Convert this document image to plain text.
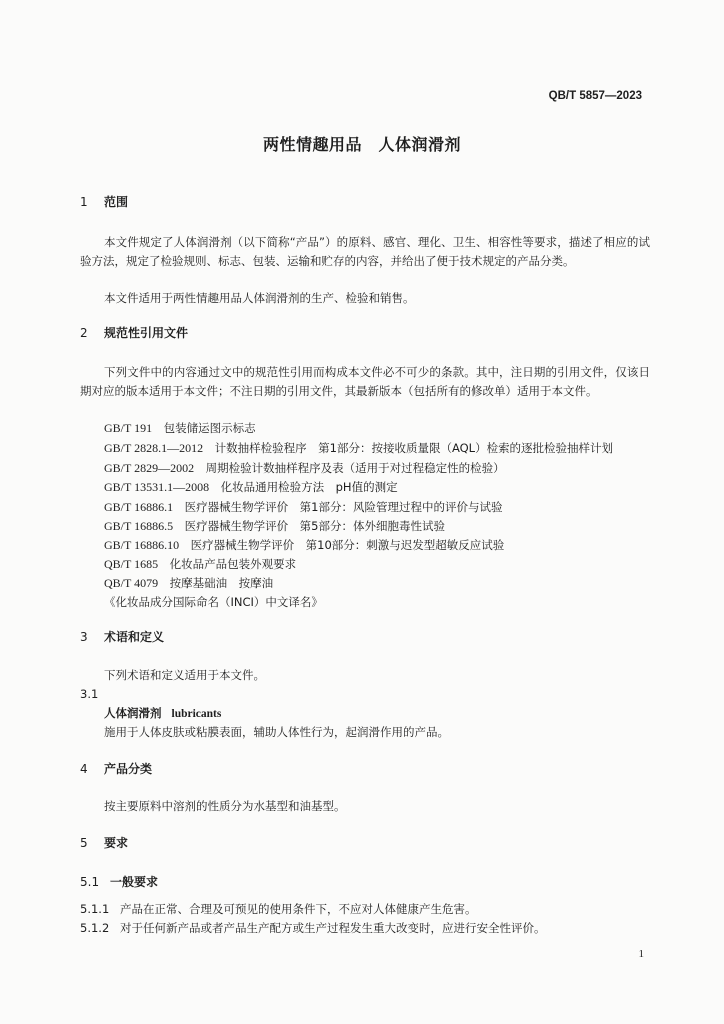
QB/T 5857—2023
两性情趣用品　人体润滑剂
1 范围
本文件规定了人体润滑剂（以下简称“产品”）的原料、感官、理化、卫生、相容性等要求，描述了相应的试验方法，规定了检验规则、标志、包装、运输和贮存的内容，并给出了便于技术规定的产品分类。
本文件适用于两性情趣用品人体润滑剂的生产、检验和销售。
2 规范性引用文件
下列文件中的内容通过文中的规范性引用而构成本文件必不可少的条款。其中，注日期的引用文件，仅该日期对应的版本适用于本文件；不注日期的引用文件，其最新版本（包括所有的修改单）适用于本文件。
GB/T 191　 包装储运图示标志
GB/T 2828.1—2012　 计数抽样检验程序　第1部分：按接收质量限（AQL）检索的逐批检验抽样计划
GB/T 2829—2002　 周期检验计数抽样程序及表（适用于对过程稳定性的检验）
GB/T 13531.1—2008　 化妆品通用检验方法　pH值的测定
GB/T 16886.1　 医疗器械生物学评价　第1部分：风险管理过程中的评价与试验
GB/T 16886.5　 医疗器械生物学评价　第5部分：体外细胞毒性试验
GB/T 16886.10　 医疗器械生物学评价　第10部分：刺激与迟发型超敏反应试验
QB/T 1685　 化妆品产品包装外观要求
QB/T 4079　 按摩基础油　按摩油
《化妆品成分国际命名（INCI）中文译名》
3 术语和定义
下列术语和定义适用于本文件。
3.1
人体润滑剂 lubricants
施用于人体皮肤或粘膜表面，辅助人体性行为，起润滑作用的产品。
4 产品分类
按主要原料中溶剂的性质分为水基型和油基型。
5 要求
5.1 一般要求
5.1.1 产品在正常、合理及可预见的使用条件下，不应对人体健康产生危害。
5.1.2 对于任何新产品或者产品生产配方或生产过程发生重大改变时，应进行安全性评价。
1
